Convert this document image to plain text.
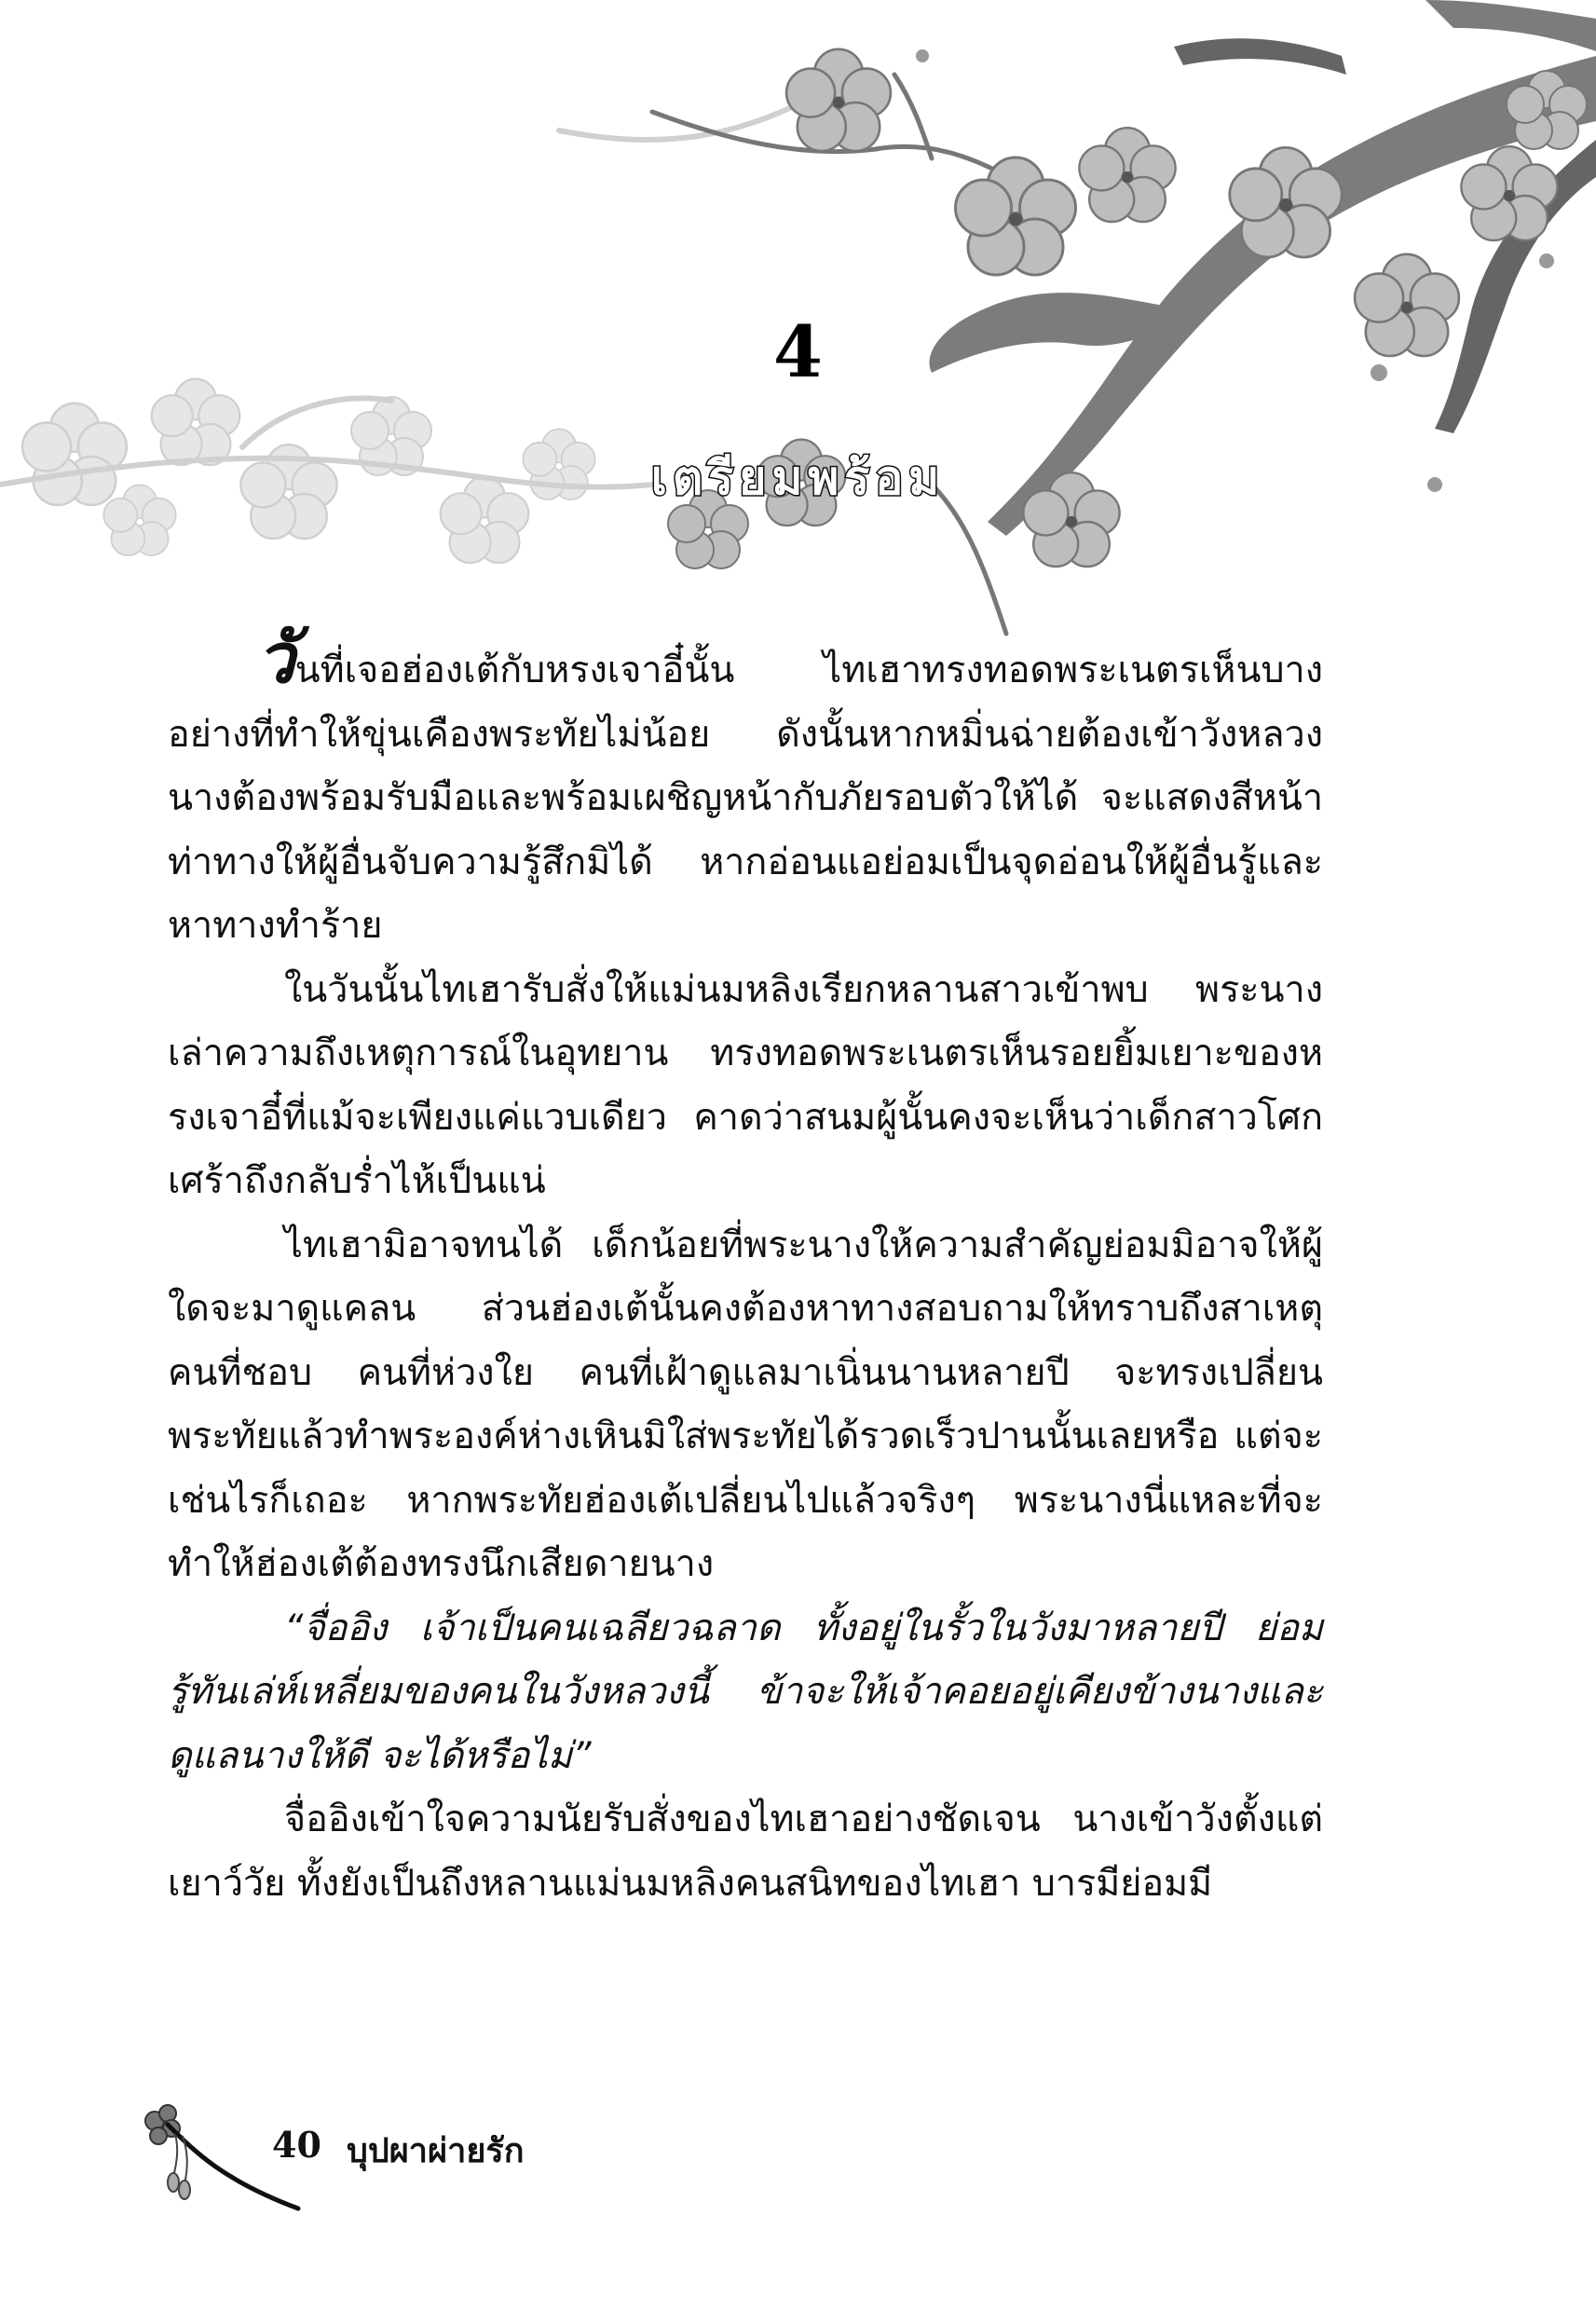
4
เตรียมพร้อม

วันที่เจอฮ่องเต้กับหรงเจาอี๋นั้น ไทเฮาทรงทอดพระเนตรเห็นบางอย่างที่ทำให้ขุ่นเคืองพระทัยไม่น้อย ดังนั้นหากหมิ่นฉ่ายต้องเข้าวังหลวง นางต้องพร้อมรับมือและพร้อมเผชิญหน้ากับภัยรอบตัวให้ได้ จะแสดงสีหน้าท่าทางให้ผู้อื่นจับความรู้สึกมิได้ หากอ่อนแอย่อมเป็นจุดอ่อนให้ผู้อื่นรู้และหาทางทำร้าย

ในวันนั้นไทเฮารับสั่งให้แม่นมหลิงเรียกหลานสาวเข้าพบ พระนางเล่าความถึงเหตุการณ์ในอุทยาน ทรงทอดพระเนตรเห็นรอยยิ้มเยาะของหรงเจาอี๋ที่แม้จะเพียงแค่แวบเดียว คาดว่าสนมผู้นั้นคงจะเห็นว่าเด็กสาวโศกเศร้าถึงกลับร่ำไห้เป็นแน่

ไทเฮามิอาจทนได้ เด็กน้อยที่พระนางให้ความสำคัญย่อมมิอาจให้ผู้ใดจะมาดูแคลน ส่วนฮ่องเต้นั้นคงต้องหาทางสอบถามให้ทราบถึงสาเหตุ คนที่ชอบ คนที่ห่วงใย คนที่เฝ้าดูแลมาเนิ่นนานหลายปี จะทรงเปลี่ยนพระทัยแล้วทำพระองค์ห่างเหินมิใส่พระทัยได้รวดเร็วปานนั้นเลยหรือ แต่จะเช่นไรก็เถอะ หากพระทัยฮ่องเต้เปลี่ยนไปแล้วจริงๆ พระนางนี่แหละที่จะทำให้ฮ่องเต้ต้องทรงนึกเสียดายนาง

“จื่ออิง เจ้าเป็นคนเฉลียวฉลาด ทั้งอยู่ในรั้วในวังมาหลายปี ย่อมรู้ทันเล่ห์เหลี่ยมของคนในวังหลวงนี้ ข้าจะให้เจ้าคอยอยู่เคียงข้างนางและดูแลนางให้ดี จะได้หรือไม่”

จื่ออิงเข้าใจความนัยรับสั่งของไทเฮาอย่างชัดเจน นางเข้าวังตั้งแต่เยาว์วัย ทั้งยังเป็นถึงหลานแม่นมหลิงคนสนิทของไทเฮา บารมีย่อมมี

40 บุปผาผ่ายรัก
